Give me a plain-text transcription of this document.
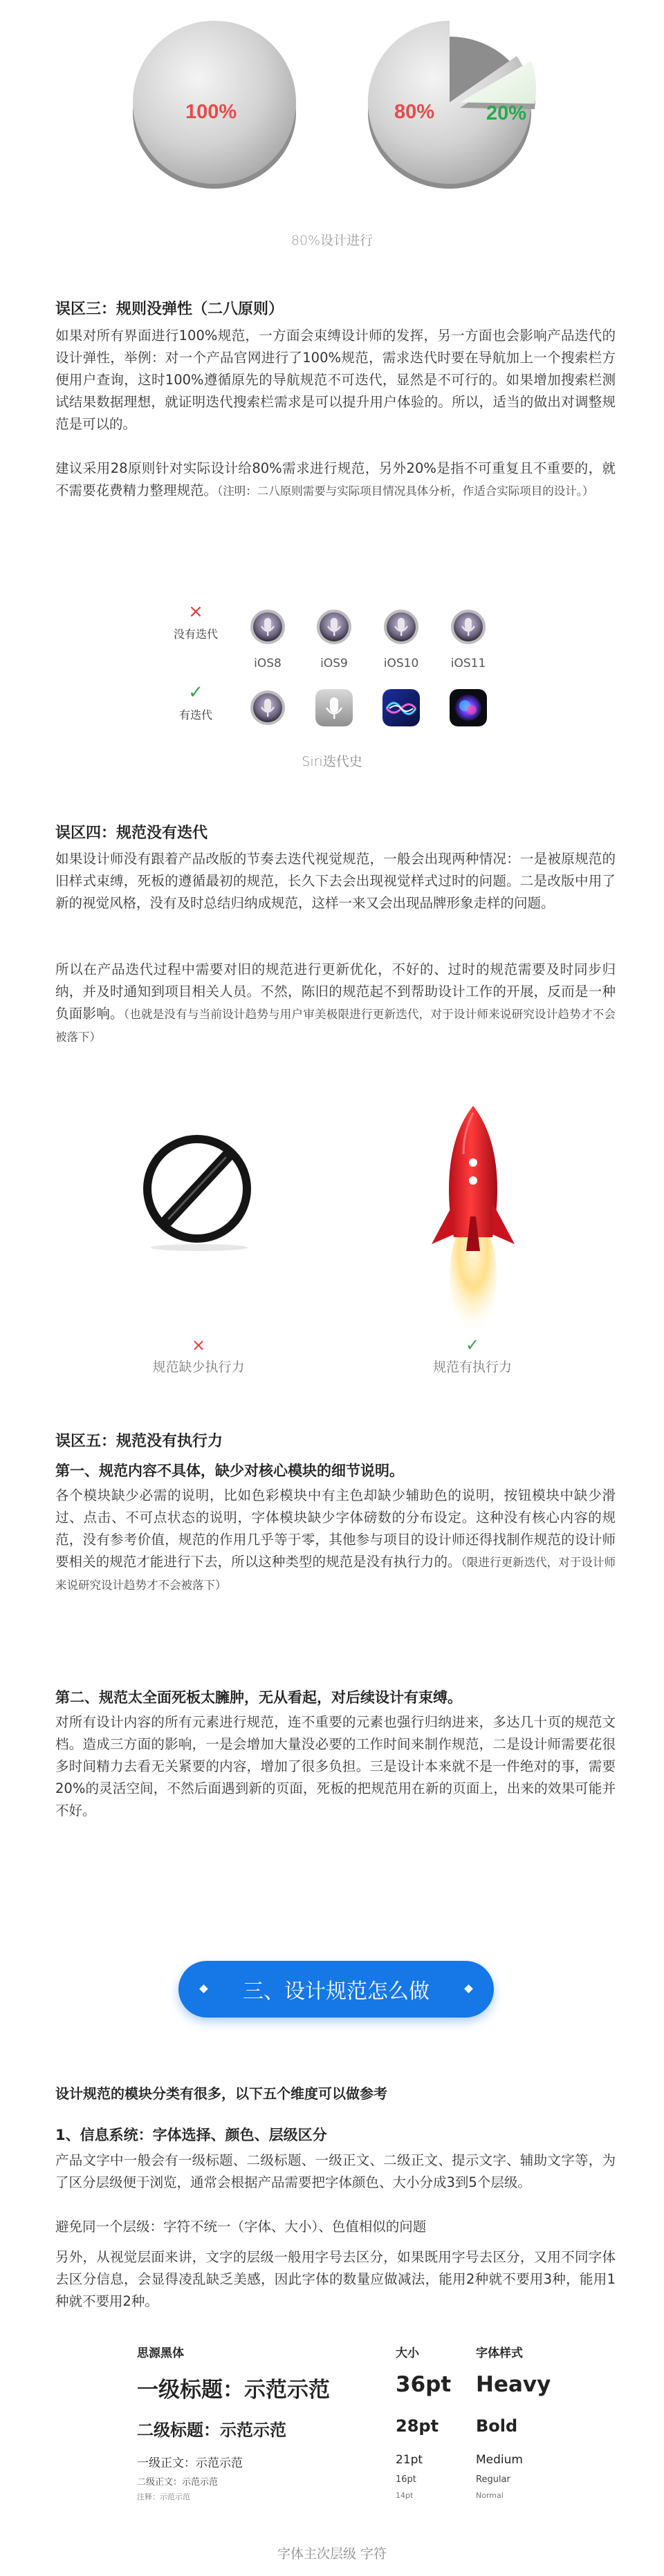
100%	80%	20%
80%设计进行
误区三：规则没弹性（二八原则）
如果对所有界面进行100%规范，一方面会束缚设计师的发挥，另一方面也会影响产品迭代的设计弹性，举例：对一个产品官网进行了100%规范，需求迭代时要在导航加上一个搜索栏方便用户查询，这时100%遵循原先的导航规范不可迭代，显然是不可行的。如果增加搜索栏测试结果数据理想，就证明迭代搜索栏需求是可以提升用户体验的。所以，适当的做出对调整规范是可以的。
建议采用28原则针对实际设计给80%需求进行规范，另外20%是指不可重复且不重要的，就不需要花费精力整理规范。（注明：二八原则需要与实际项目情况具体分析，作适合实际项目的设计。）
×
没有迭代
✓
有迭代
iOS8	iOS9	iOS10	iOS11
Siri迭代史
误区四：规范没有迭代
如果设计师没有跟着产品改版的节奏去迭代视觉规范，一般会出现两种情况：一是被原规范的旧样式束缚，死板的遵循最初的规范，长久下去会出现视觉样式过时的问题。二是改版中用了新的视觉风格，没有及时总结归纳成规范，这样一来又会出现品牌形象走样的问题。
所以在产品迭代过程中需要对旧的规范进行更新优化，不好的、过时的规范需要及时同步归纳，并及时通知到项目相关人员。不然，陈旧的规范起不到帮助设计工作的开展，反而是一种负面影响。（也就是没有与当前设计趋势与用户审美极限进行更新迭代，对于设计师来说研究设计趋势才不会被落下）
×
规范缺少执行力
✓
规范有执行力
误区五：规范没有执行力
第一、规范内容不具体，缺少对核心模块的细节说明。
各个模块缺少必需的说明，比如色彩模块中有主色却缺少辅助色的说明，按钮模块中缺少滑过、点击、不可点状态的说明，字体模块缺少字体磅数的分布设定。这种没有核心内容的规范，没有参考价值，规范的作用几乎等于零，其他参与项目的设计师还得找制作规范的设计师要相关的规范才能进行下去，所以这种类型的规范是没有执行力的。（限进行更新迭代，对于设计师来说研究设计趋势才不会被落下）
第二、规范太全面死板太臃肿，无从看起，对后续设计有束缚。
对所有设计内容的所有元素进行规范，连不重要的元素也强行归纳进来，多达几十页的规范文档。造成三方面的影响，一是会增加大量没必要的工作时间来制作规范，二是设计师需要花很多时间精力去看无关紧要的内容，增加了很多负担。三是设计本来就不是一件绝对的事，需要20%的灵活空间，不然后面遇到新的页面，死板的把规范用在新的页面上，出来的效果可能并不好。
三、设计规范怎么做
设计规范的模块分类有很多，以下五个维度可以做参考
1、信息系统：字体选择、颜色、层级区分
产品文字中一般会有一级标题、二级标题、一级正文、二级正文、提示文字、辅助文字等，为了区分层级便于浏览，通常会根据产品需要把字体颜色、大小分成3到5个层级。
避免同一个层级：字符不统一（字体、大小）、色值相似的问题
另外，从视觉层面来讲，文字的层级一般用字号去区分，如果既用字号去区分，又用不同字体去区分信息，会显得凌乱缺乏美感，因此字体的数量应做减法，能用2种就不要用3种，能用1种就不要用2种。
思源黑体	大小	字体样式
一级标题：示范示范	36pt Heavy
二级标题：示范示范	28pt Bold
一级正文：示范示范	21pt	Medium
二级正文：示范示范	16pt	Regular
注释：示范示范	14pt	Normal
字体主次层级 字符
